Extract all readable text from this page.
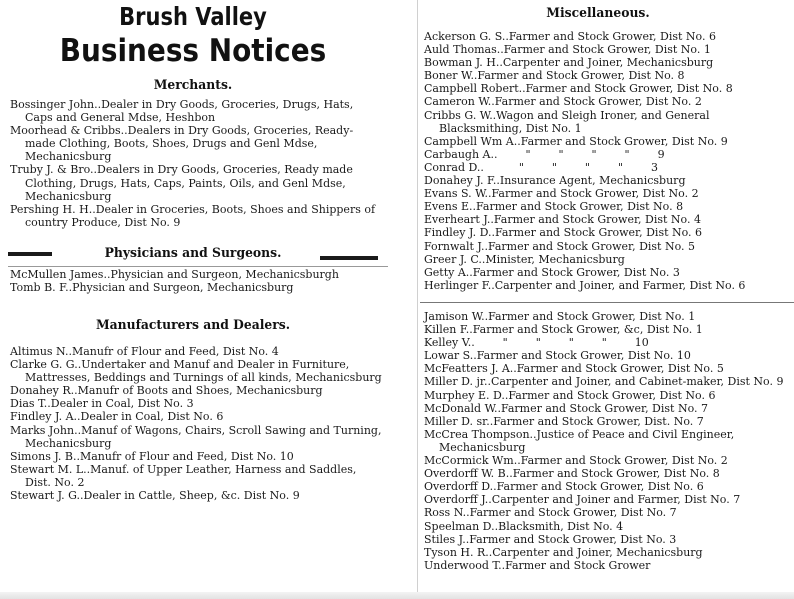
Brush Valley
Business Notices
Merchants.
Bossinger John..Dealer in Dry Goods, Groceries, Drugs, Hats, Caps and General Mdse, Heshbon
Moorhead & Cribbs..Dealers in Dry Goods, Groceries, Ready-made Clothing, Boots, Shoes, Drugs and Genl Mdse, Mechanicsburg
Truby J. & Bro..Dealers in Dry Goods, Groceries, Ready made Clothing, Drugs, Hats, Caps, Paints, Oils, and Genl Mdse, Mechanicsburg
Pershing H. H..Dealer in Groceries, Boots, Shoes and Shippers of country Produce, Dist No. 9
Physicians and Surgeons.
McMullen James..Physician and Surgeon, Mechanicsburgh
Tomb B. F..Physician and Surgeon, Mechanicsburg
Manufacturers and Dealers.
Altimus N..Manufr of Flour and Feed, Dist No. 4
Clarke G. G..Undertaker and Manuf and Dealer in Furniture, Mattresses, Beddings and Turnings of all kinds, Mechanicsburg
Donahey R..Manufr of Boots and Shoes, Mechanicsburg
Dias T..Dealer in Coal, Dist No. 3
Findley J. A..Dealer in Coal, Dist No. 6
Marks John..Manuf of Wagons, Chairs, Scroll Sawing and Turning, Mechanicsburg
Simons J. B..Manufr of Flour and Feed, Dist No. 10
Stewart M. L..Manuf. of Upper Leather, Harness and Saddles, Dist. No. 2
Stewart J. G..Dealer in Cattle, Sheep, &c. Dist No. 9
Miscellaneous.
Ackerson G. S..Farmer and Stock Grower, Dist No. 6
Auld Thomas..Farmer and Stock Grower, Dist No. 1
Bowman J. H..Carpenter and Joiner, Mechanicsburg
Boner W..Farmer and Stock Grower, Dist No. 8
Campbell Robert..Farmer and Stock Grower, Dist No. 8
Cameron W..Farmer and Stock Grower, Dist No. 2
Cribbs G. W..Wagon and Sleigh Ironer, and General Blacksmithing, Dist No. 1
Campbell Wm A..Farmer and Stock Grower, Dist No. 9
Carbaugh A..        "        "        "        "        9
Conrad D..          "        "        "        "        3
Donahey J. F..Insurance Agent, Mechanicsburg
Evans S. W..Farmer and Stock Grower, Dist No. 2
Evens E..Farmer and Stock Grower, Dist No. 8
Everheart J..Farmer and Stock Grower, Dist No. 4
Findley J. D..Farmer and Stock Grower, Dist No. 6
Fornwalt J..Farmer and Stock Grower, Dist No. 5
Greer J. C..Minister, Mechanicsburg
Getty A..Farmer and Stock Grower, Dist No. 3
Herlinger F..Carpenter and Joiner, and Farmer, Dist No. 6
Jamison W..Farmer and Stock Grower, Dist No. 1
Killen F..Farmer and Stock Grower, &c, Dist No. 1
Kelley V..        "        "        "        "        10
Lowar S..Farmer and Stock Grower, Dist No. 10
McFeatters J. A..Farmer and Stock Grower, Dist No. 5
Miller D. jr..Carpenter and Joiner, and Cabinet-maker, Dist No. 9
Murphey E. D..Farmer and Stock Grower, Dist No. 6
McDonald W..Farmer and Stock Grower, Dist No. 7
Miller D. sr..Farmer and Stock Grower, Dist. No. 7
McCrea Thompson..Justice of Peace and Civil Engineer, Mechanicsburg
McCormick Wm..Farmer and Stock Grower, Dist No. 2
Overdorff W. B..Farmer and Stock Grower, Dist No. 8
Overdorff D..Farmer and Stock Grower, Dist No. 6
Overdorff J..Carpenter and Joiner and Farmer, Dist No. 7
Ross N..Farmer and Stock Grower, Dist No. 7
Speelman D..Blacksmith, Dist No. 4
Stiles J..Farmer and Stock Grower, Dist No. 3
Tyson H. R..Carpenter and Joiner, Mechanicsburg
Underwood T..Farmer and Stock Grower
